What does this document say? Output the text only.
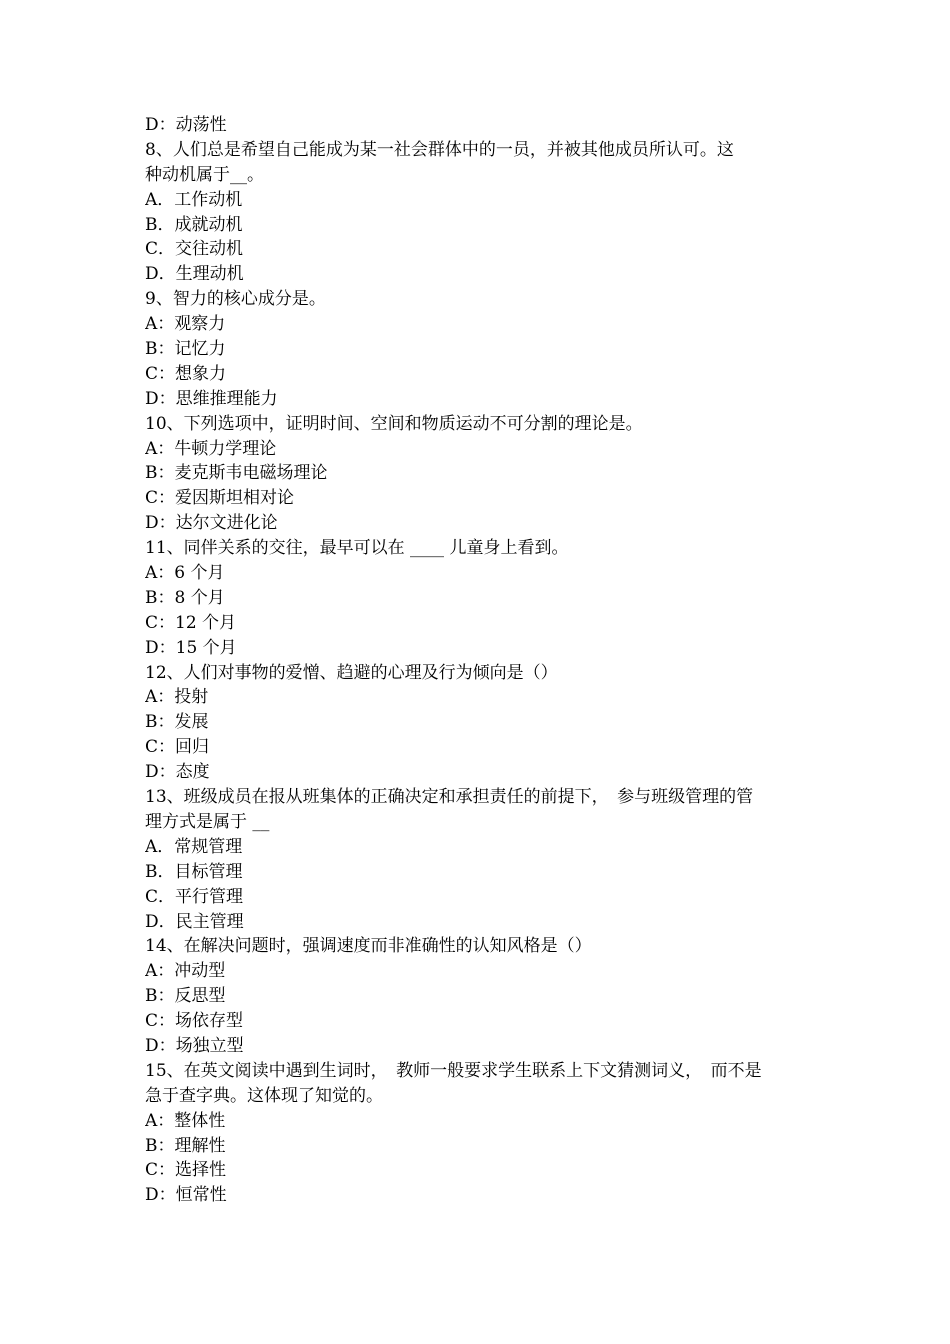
D：动荡性
8、人们总是希望自己能成为某一社会群体中的一员，并被其他成员所认可。这
种动机属于__。
A．工作动机
B．成就动机
C．交往动机
D．生理动机
9、智力的核心成分是。
A：观察力
B：记忆力
C：想象力
D：思维推理能力
10、下列选项中，证明时间、空间和物质运动不可分割的理论是。
A：牛顿力学理论
B：麦克斯韦电磁场理论
C：爱因斯坦相对论
D：达尔文进化论
11、同伴关系的交往，最早可以在 ____ 儿童身上看到。
A：6 个月
B：8 个月
C：12 个月
D：15 个月
12、人们对事物的爱憎、趋避的心理及行为倾向是（）
A：投射
B：发展
C：回归
D：态度
13、班级成员在报从班集体的正确决定和承担责任的前提下，　参与班级管理的管
理方式是属于 __
A．常规管理
B．目标管理
C．平行管理
D．民主管理
14、在解决问题时，强调速度而非准确性的认知风格是（）
A：冲动型
B：反思型
C：场依存型
D：场独立型
15、在英文阅读中遇到生词时，　教师一般要求学生联系上下文猜测词义，　而不是
急于查字典。这体现了知觉的。
A：整体性
B：理解性
C：选择性
D：恒常性
